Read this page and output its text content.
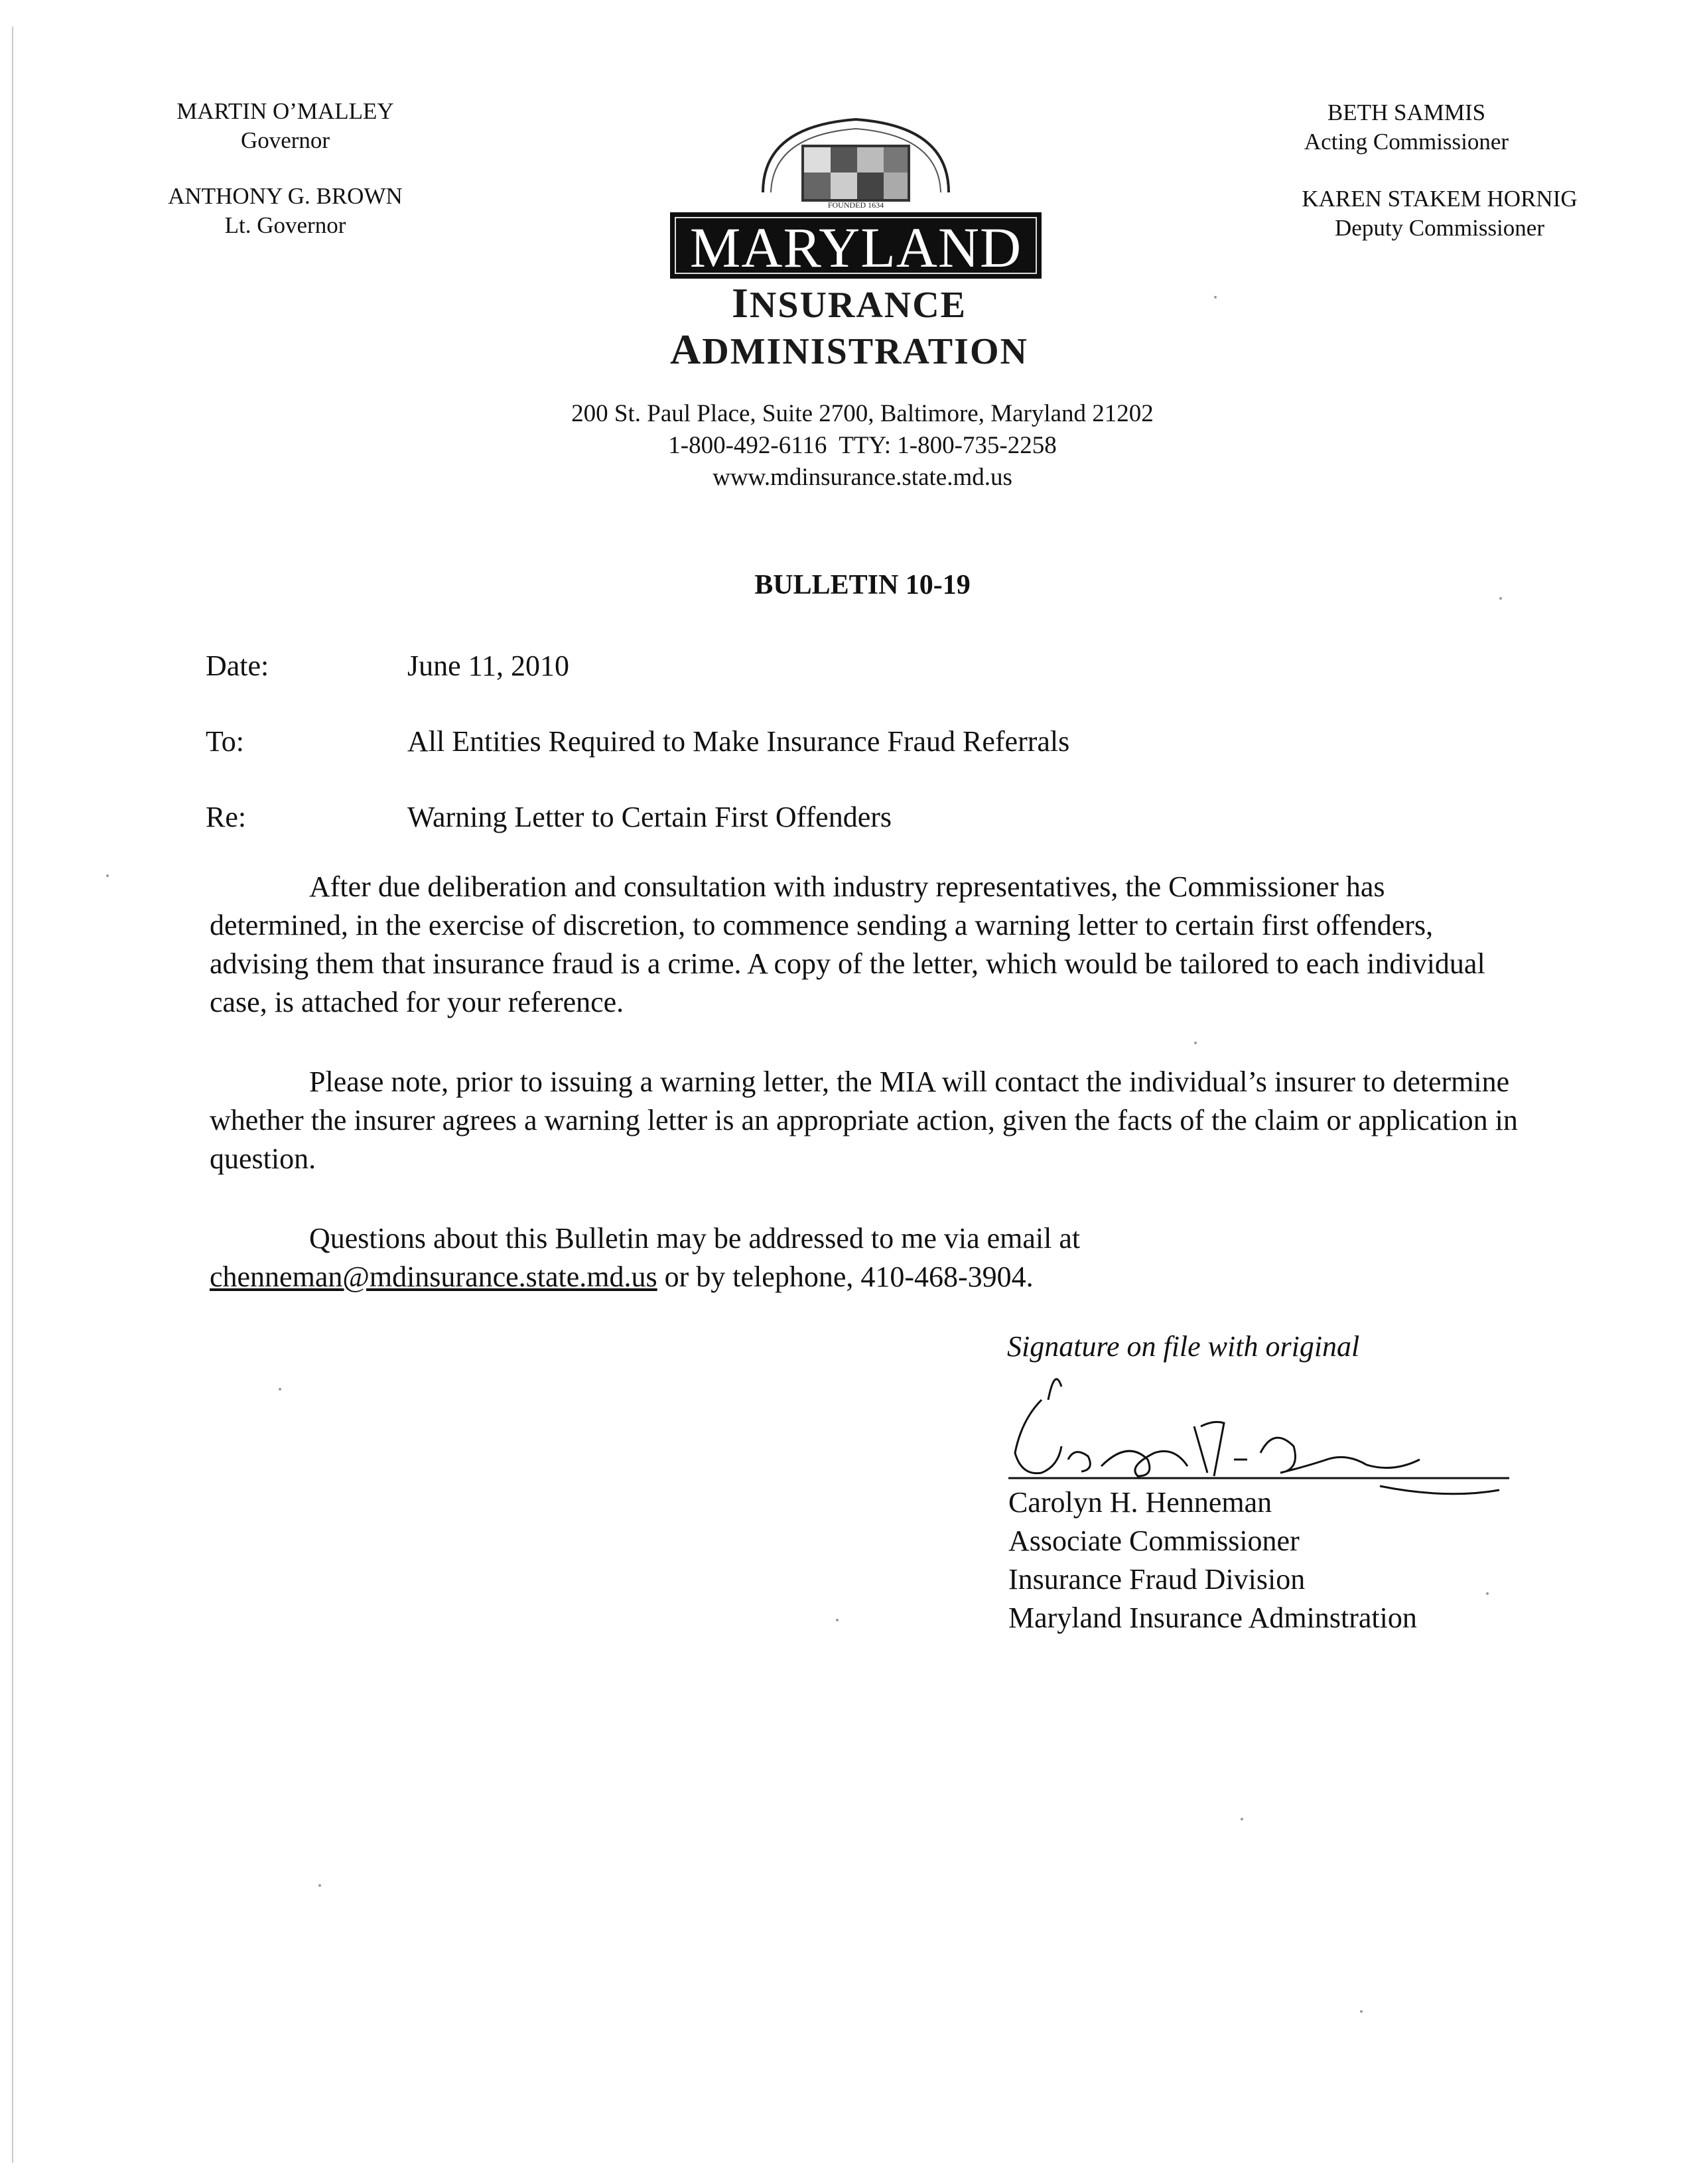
MARTIN O’MALLEY
Governor
ANTHONY G. BROWN
Lt. Governor
BETH SAMMIS
Acting Commissioner
KAREN STAKEM HORNIG
Deputy Commissioner
FOUNDED 1634
MARYLAND
INSURANCE
ADMINISTRATION
200 St. Paul Place, Suite 2700, Baltimore, Maryland 21202
1-800-492-6116  TTY: 1-800-735-2258
www.mdinsurance.state.md.us
BULLETIN 10-19
Date:	June 11, 2010
To:	All Entities Required to Make Insurance Fraud Referrals
Re:	Warning Letter to Certain First Offenders
After due deliberation and consultation with industry representatives, the Commissioner has determined, in the exercise of discretion, to commence sending a warning letter to certain first offenders, advising them that insurance fraud is a crime. A copy of the letter, which would be tailored to each individual case, is attached for your reference.
Please note, prior to issuing a warning letter, the MIA will contact the individual’s insurer to determine whether the insurer agrees a warning letter is an appropriate action, given the facts of the claim or application in question.
Questions about this Bulletin may be addressed to me via email at
chenneman@mdinsurance.state.md.us or by telephone, 410-468-3904.
Signature on file with original
Carolyn H. Henneman
Associate Commissioner
Insurance Fraud Division
Maryland Insurance Adminstration
